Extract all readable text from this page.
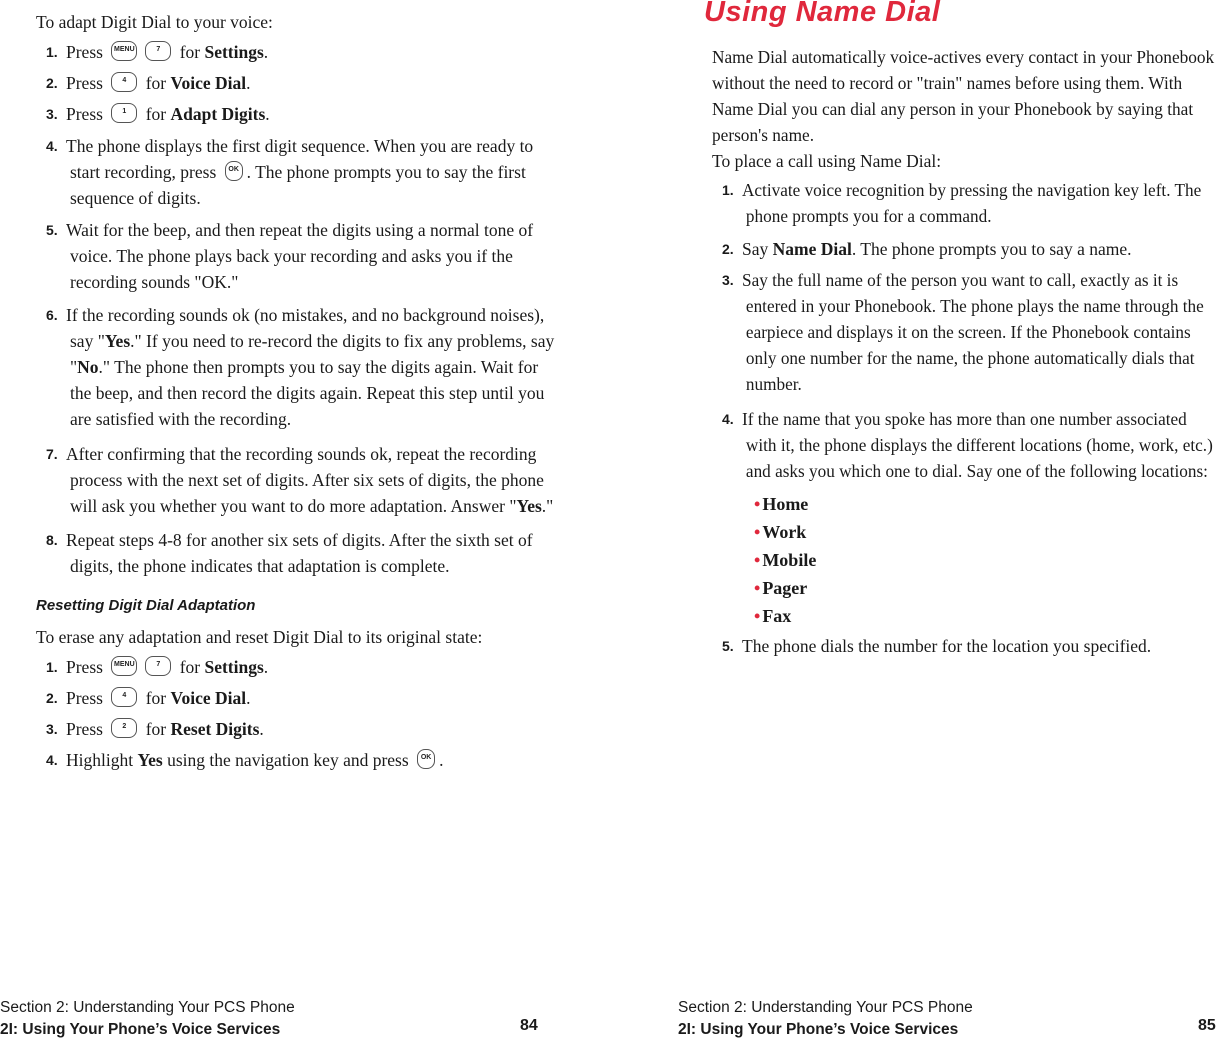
To adapt Digit Dial to your voice:
1. Press MENU	7	for Settings.
2. Press	4	for Voice Dial.
3. Press	1	for Adapt Digits.
4. The phone displays the first digit sequence. When you are ready to
start recording, press	OK . The phone prompts you to say the first
sequence of digits.
5. Wait for the beep, and then repeat the digits using a normal tone of
voice. The phone plays back your recording and asks you if the
recording sounds "OK."
6. If the recording sounds ok (no mistakes, and no background noises),
say "Yes." If you need to re-record the digits to fix any problems, say
"No." The phone then prompts you to say the digits again. Wait for
the beep, and then record the digits again. Repeat this step until you
are satisfied with the recording.
7. After confirming that the recording sounds ok, repeat the recording
process with the next set of digits. After six sets of digits, the phone
will ask you whether you want to do more adaptation. Answer "Yes."
8. Repeat steps 4-8 for another six sets of digits. After the sixth set of
digits, the phone indicates that adaptation is complete.
Resetting Digit Dial Adaptation
To erase any adaptation and reset Digit Dial to its original state:
1. Press MENU	7	for Settings.
2. Press	4	for Voice Dial.
3. Press	2	for Reset Digits.
4. Highlight Yes using the navigation key and press	OK .
Section 2: Understanding Your PCS Phone
2I: Using Your Phone’s Voice Services	84
Using Name Dial
Name Dial automatically voice-actives every contact in your Phonebook
without the need to record or "train" names before using them. With
Name Dial you can dial any person in your Phonebook by saying that
person's name.
To place a call using Name Dial:
1. Activate voice recognition by pressing the navigation key left. The
phone prompts you for a command.
2. Say Name Dial. The phone prompts you to say a name.
3. Say the full name of the person you want to call, exactly as it is
entered in your Phonebook. The phone plays the name through the
earpiece and displays it on the screen. If the Phonebook contains
only one number for the name, the phone automatically dials that
number.
4. If the name that you spoke has more than one number associated
with it, the phone displays the different locations (home, work, etc.)
and asks you which one to dial. Say one of the following locations:
• Home
• Work
• Mobile
• Pager
• Fax
5. The phone dials the number for the location you specified.
Section 2: Understanding Your PCS Phone
2I: Using Your Phone’s Voice Services	85
